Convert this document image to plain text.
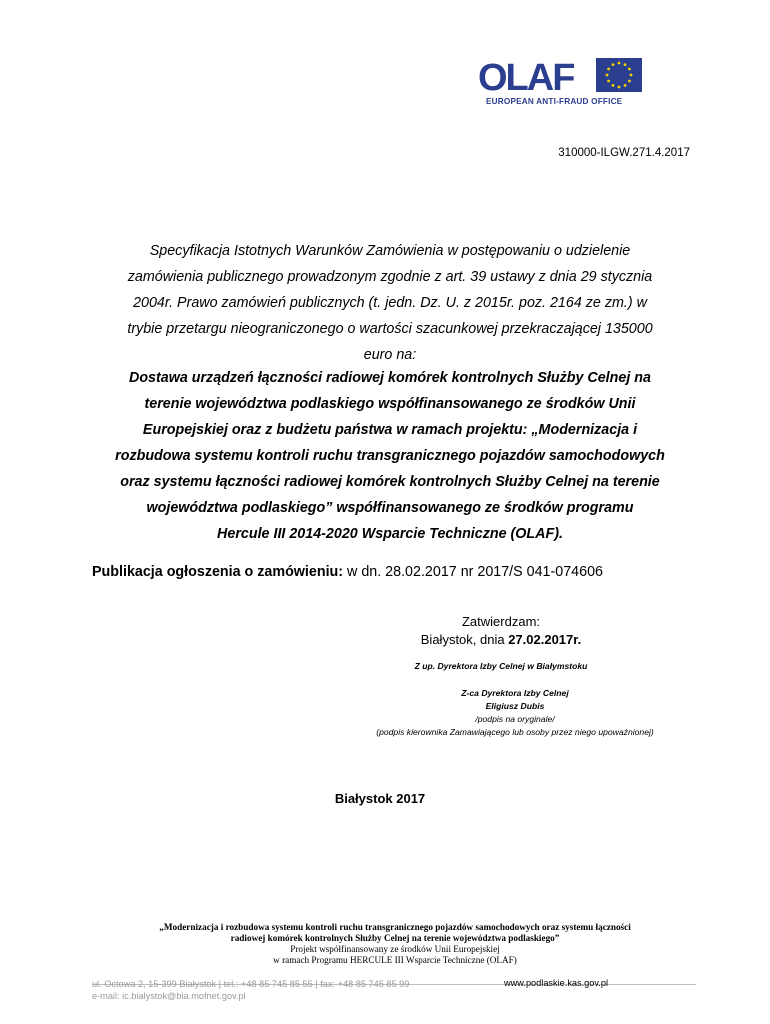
OLAF
EUROPEAN ANTI-FRAUD OFFICE
310000-ILGW.271.4.2017
Specyfikacja Istotnych Warunków Zamówienia w postępowaniu o udzielenie
zamówienia publicznego prowadzonym zgodnie z art. 39 ustawy z dnia 29 stycznia
2004r. Prawo zamówień publicznych (t. jedn. Dz. U. z 2015r. poz. 2164 ze zm.) w
trybie przetargu nieograniczonego o wartości szacunkowej przekraczającej 135000
euro na:
Dostawa urządzeń łączności radiowej komórek kontrolnych Służby Celnej na
terenie województwa podlaskiego współfinansowanego ze środków Unii
Europejskiej oraz z budżetu państwa w ramach projektu: „Modernizacja i
rozbudowa systemu kontroli ruchu transgranicznego pojazdów samochodowych
oraz systemu łączności radiowej komórek kontrolnych Służby Celnej na terenie
województwa podlaskiego” współfinansowanego ze środków programu
Hercule III 2014-2020 Wsparcie Techniczne (OLAF).
Publikacja ogłoszenia o zamówieniu: w dn. 28.02.2017 nr 2017/S 041-074606
Zatwierdzam:
Białystok, dnia 27.02.2017r.
Z up. Dyrektora Izby Celnej w Białymstoku
Z-ca Dyrektora Izby Celnej
Eligiusz Dubis
/podpis na oryginale/
(podpis kierownika Zamawiającego lub osoby przez niego upoważnionej)
Białystok 2017
„Modernizacja i rozbudowa systemu kontroli ruchu transgranicznego pojazdów samochodowych oraz systemu łączności
radiowej komórek kontrolnych Służby Celnej na terenie województwa podlaskiego”
Projekt współfinansowany ze środków Unii Europejskiej
w ramach Programu HERCULE III Wsparcie Techniczne (OLAF)
ul. Octowa 2, 15-399 Białystok | tel.: +48 85 745 85 55 | fax: +48 85 745 85 99
e-mail: ic.bialystok@bia.mofnet.gov.pl
www.podlaskie.kas.gov.pl
